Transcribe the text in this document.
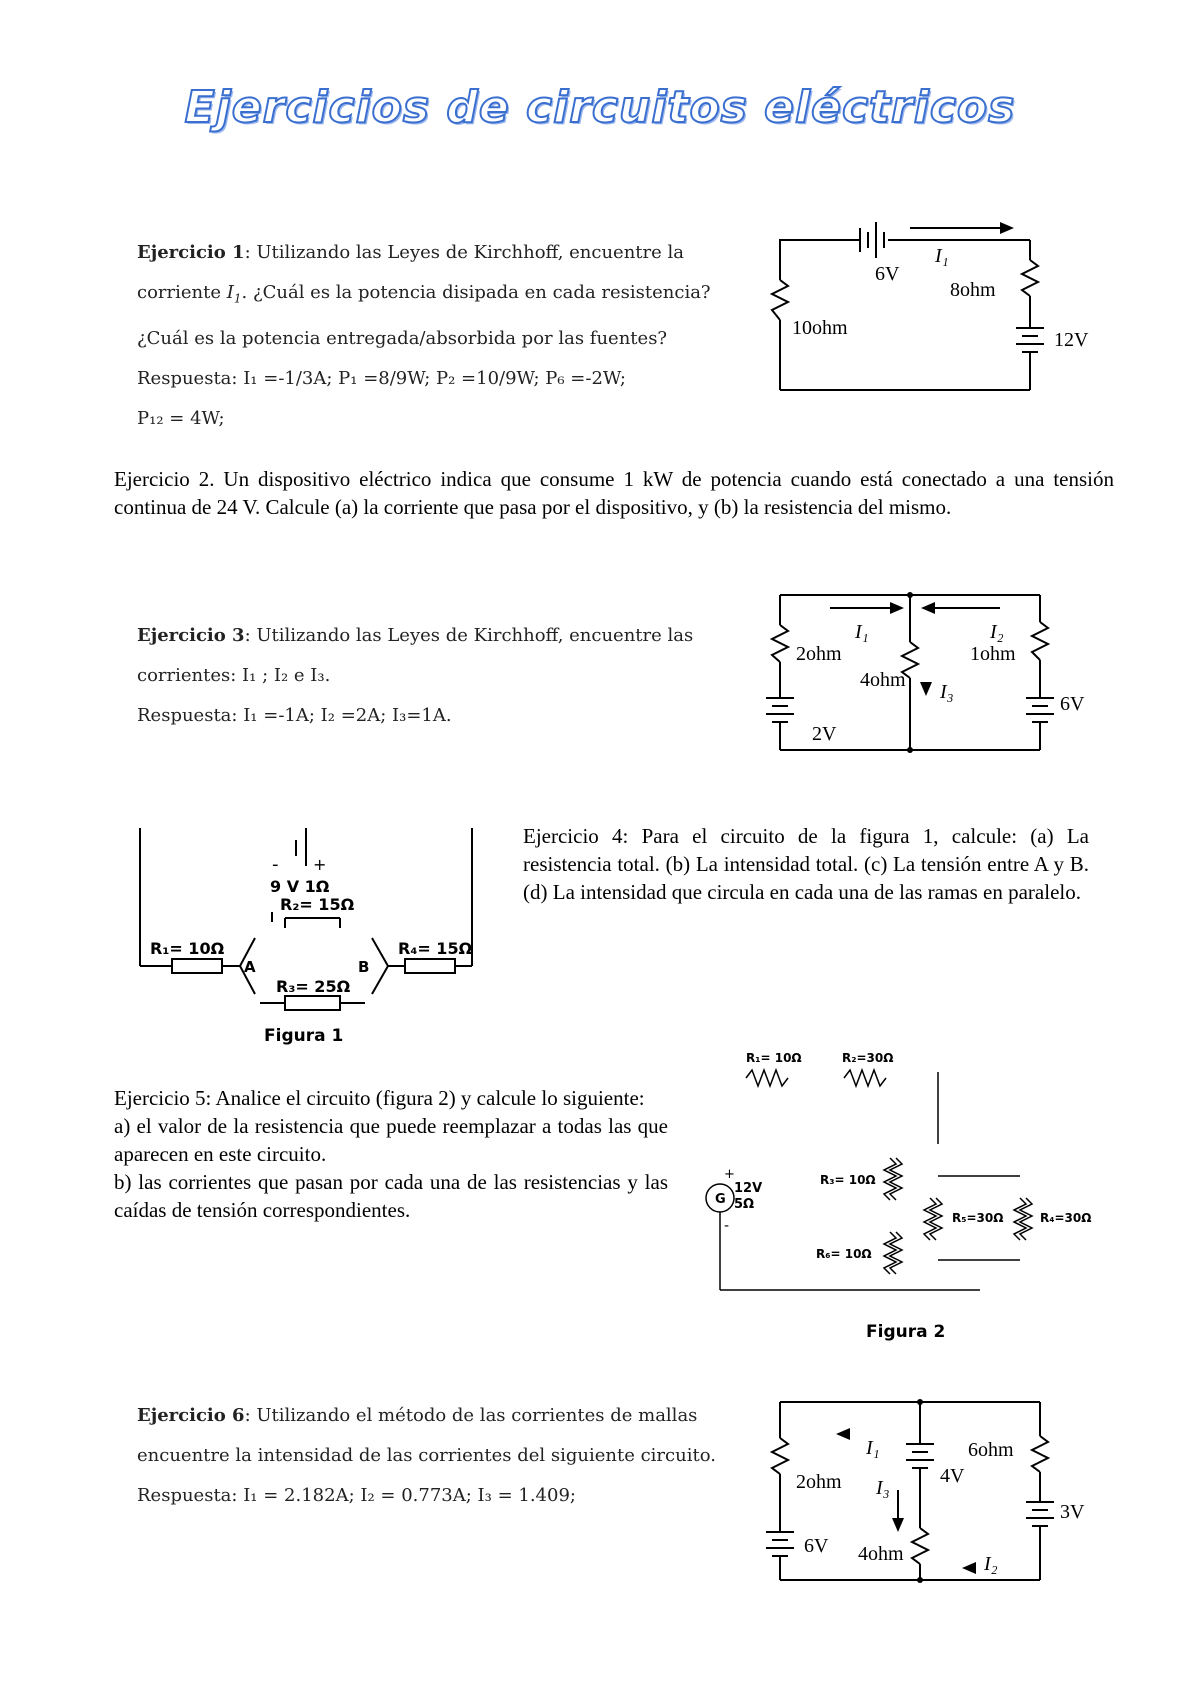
Ejercicios de circuitos eléctricos
Ejercicio 1: Utilizando las Leyes de Kirchhoff, encuentre la
corriente $I_1$. ¿Cuál es la potencia disipada en cada resistencia?
¿Cuál es la potencia entregada/absorbida por las fuentes?
Respuesta: I₁ =-1/3A; P₁ =8/9W; P₂ =10/9W; P₆ =-2W;
P₁₂ = 4W;
6V
I₁
8ohm
10ohm
12V
Ejercicio 2. Un dispositivo eléctrico indica que consume 1 kW de potencia cuando está conectado a una tensión continua de 24 V. Calcule (a) la corriente que pasa por el dispositivo, y (b) la resistencia del mismo.
Ejercicio 3: Utilizando las Leyes de Kirchhoff, encuentre las
corrientes: I₁ ; I₂ e I₃.
Respuesta: I₁ =-1A; I₂ =2A; I₃=1A.
I₁	I₂
I₃
2ohm
4ohm
1ohm
2V
6V
- +
9 V 1Ω
R₂= 15Ω
R₁= 10Ω	R₄= 15Ω
A	B
R₃= 25Ω
Figura 1
Ejercicio 4: Para el circuito de la figura 1, calcule: (a) La resistencia total. (b) La intensidad total. (c) La tensión entre A y B. (d) La intensidad que circula en cada una de las ramas en paralelo.
Ejercicio 5: Analice el circuito (figura 2) y calcule lo siguiente:
a) el valor de la resistencia que puede reemplazar a todas las que aparecen en este circuito.
b) las corrientes que pasan por cada una de las resistencias y las caídas de tensión correspondientes.
R₁= 10Ω	R₂=30Ω
G
12V
5Ω
+
-
R₃= 10Ω
R₆= 10Ω
R₅=30Ω	R₄=30Ω
Figura 2
Ejercicio 6: Utilizando el método de las corrientes de mallas
encuentre la intensidad de las corrientes del siguiente circuito.
Respuesta: I₁ = 2.182A; I₂ = 0.773A; I₃ = 1.409;
I₁
I₃
I₂
2ohm
4ohm
6ohm
6V
4V
3V
